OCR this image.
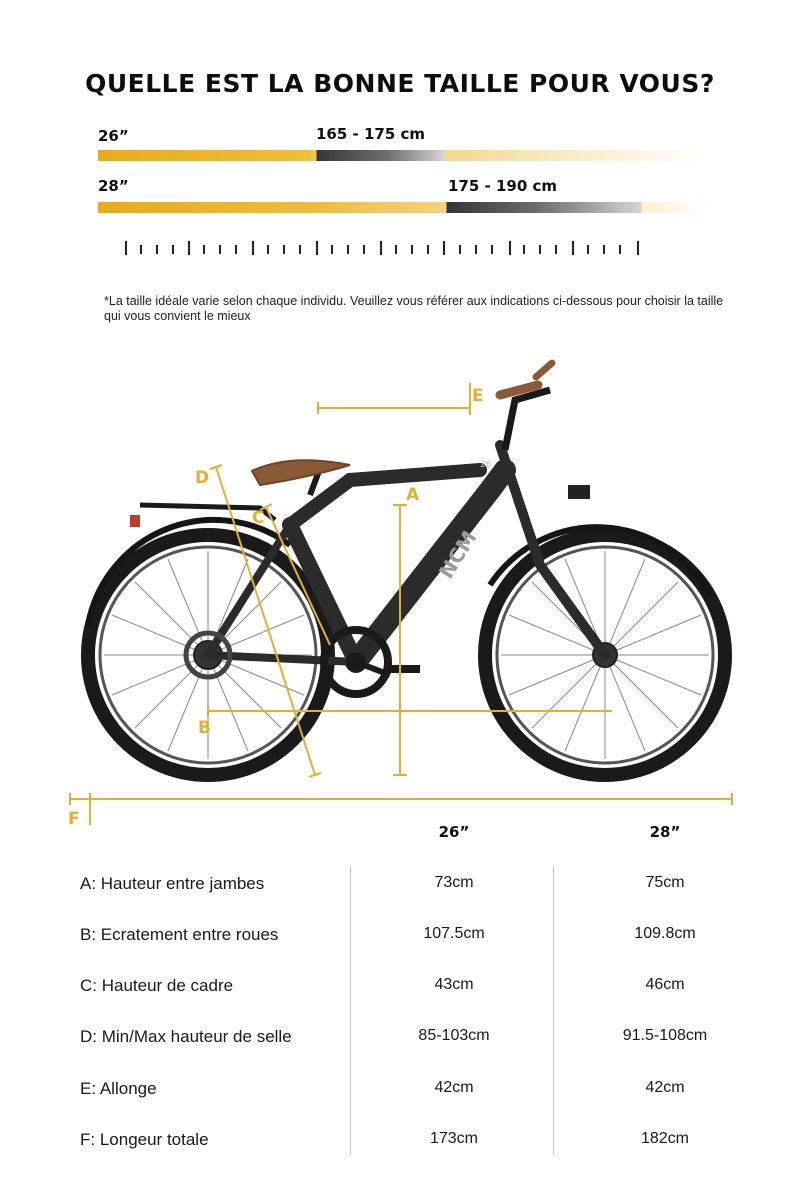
QUELLE EST LA BONNE TAILLE POUR VOUS?
26”	165 - 175 cm
28”	175 - 190 cm

*La taille idéale varie selon chaque individu. Veuillez vous référer aux indications ci-dessous pour choisir la taille qui vous convient le mieux

NCM
26
A
B
C
D
E
F
26”	28”
A: Hauteur entre jambes	73cm	75cm
B: Ecratement entre roues	107.5cm	109.8cm
C: Hauteur de cadre	43cm	46cm
D: Min/Max hauteur de selle	85-103cm	91.5-108cm
E: Allonge	42cm	42cm
F: Longeur totale	173cm	182cm
